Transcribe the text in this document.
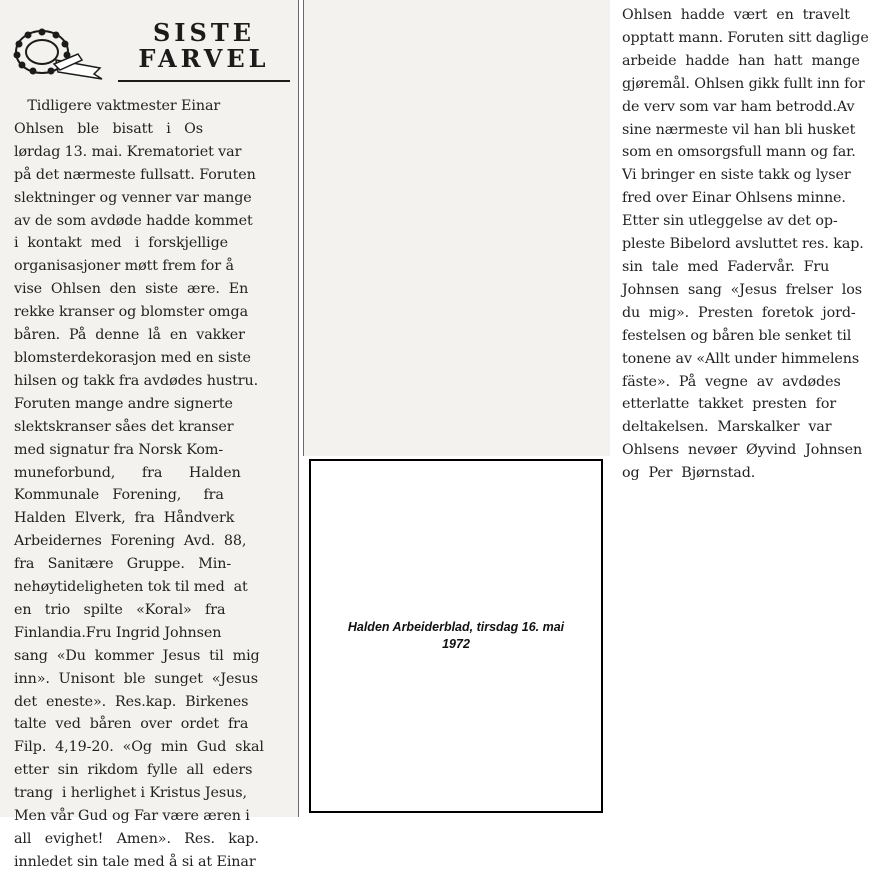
SISTE
FARVEL
Tidligere vaktmester Einar
Ohlsen   ble   bisatt   i   Os
lørdag 13. mai. Krematoriet var
på det nærmeste fullsatt. Foruten
slektninger og venner var mange
av de som avdøde hadde kommet
i  kontakt  med   i  forskjellige
organisasjoner møtt frem for å
vise  Ohlsen  den  siste  ære.  En
rekke kranser og blomster omga
båren.  På  denne  lå  en  vakker
blomsterdekorasjon med en siste
hilsen og takk fra avdødes hustru.
Foruten mange andre signerte
slektskranser såes det kranser
med signatur fra Norsk Kom-
muneforbund,      fra      Halden
Kommunale   Forening,     fra
Halden  Elverk,  fra  Håndverk
Arbeidernes  Forening  Avd.  88,
fra   Sanitære   Gruppe.   Min-
nehøytideligheten tok til med  at
en   trio   spilte   «Koral»   fra
Finlandia.Fru Ingrid Johnsen
sang  «Du  kommer  Jesus  til  mig
inn».  Unisont  ble  sunget  «Jesus
det  eneste».  Res.kap.  Birkenes
talte  ved  båren  over  ordet  fra
Filp.  4,19-20.  «Og  min  Gud  skal
etter  sin  rikdom  fylle  all  eders
trang  i herlighet i Kristus Jesus,
Men vår Gud og Far være æren i
all   evighet!   Amen».   Res.   kap.
innledet sin tale med å si at Einar
Ohlsen  hadde  vært  en  travelt
opptatt mann. Foruten sitt daglige
arbeide  hadde  han  hatt  mange
gjøremål. Ohlsen gikk fullt inn for
de verv som var ham betrodd.Av
sine nærmeste vil han bli husket
som en omsorgsfull mann og far.
Vi bringer en siste takk og lyser
fred over Einar Ohlsens minne.
Etter sin utleggelse av det op-
pleste Bibelord avsluttet res. kap.
sin  tale  med  Fadervår.  Fru
Johnsen  sang  «Jesus  frelser  los
du  mig».  Presten  foretok  jord-
festelsen og båren ble senket til
tonene av «Allt under himmelens
fäste».  På  vegne  av  avdødes
etterlatte  takket  presten  for
deltakelsen.  Marskalker  var
Ohlsens  nevøer  Øyvind  Johnsen
og  Per  Bjørnstad.
Halden Arbeiderblad, tirsdag 16. mai 1972
